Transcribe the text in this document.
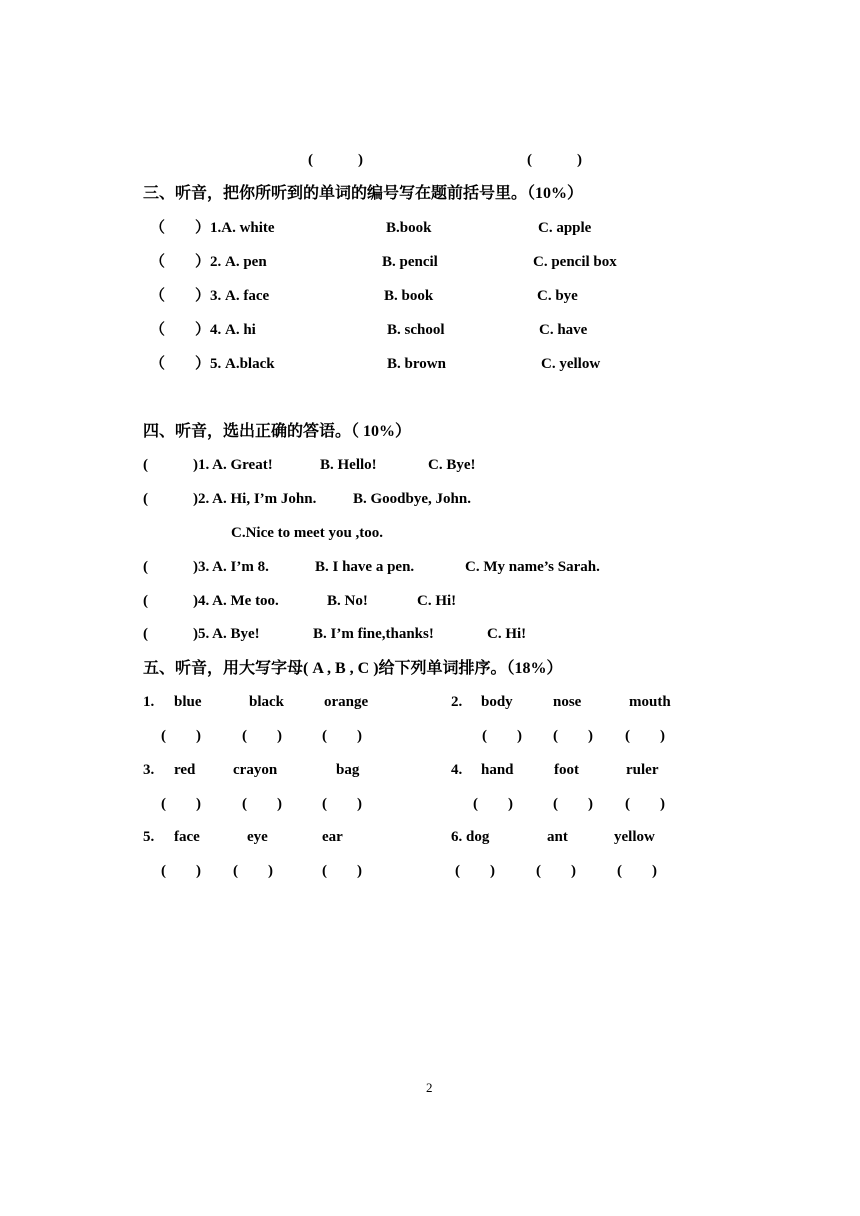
(            )	(            )
三、听音，把你所听到的单词的编号写在题前括号里。（10%）
（        ）1.A. white	B.book	C. apple
（        ）2. A. pen	B. pencil	C. pencil box
（        ）3. A. face	B. book	C. bye
（        ）4. A. hi	B. school	C. have
（        ）5. A.black	B. brown	C. yellow
四、听音，选出正确的答语。（ 10%）
(	)1. A. Great!	B. Hello!	C. Bye!
(	)2. A. Hi, I’m John. B. Goodbye, John.
C.Nice to meet you ,too.
(	)3. A. I’m 8.	B. I have a pen.	C. My name’s Sarah.
(	)4. A. Me too.	B. No!	C. Hi!
(	)5. A. Bye!	B. I’m fine,thanks!	C. Hi!
五、听音，用大写字母( A , B , C )给下列单词排序。（18%）
1. blue	black	orange	2. body	nose	mouth
(        )	(        )	(        )	(        ) (        ) (        )
3. red	crayon	bag	4. hand	foot	ruler
(        )	(        )	(        )	(        )	(        ) (        )
5. face	eye	ear	6. dog	ant	yellow
(        ) (        )	(        )	(        )	(        )	(        )
2
